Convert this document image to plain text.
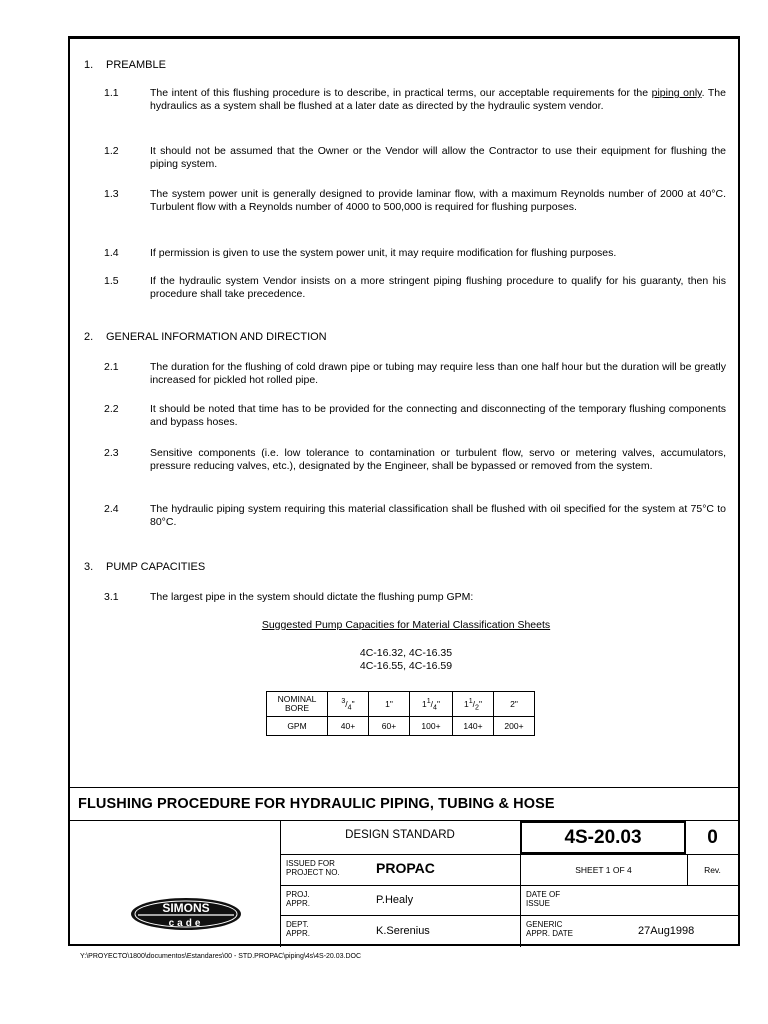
1. PREAMBLE
1.1	The intent of this flushing procedure is to describe, in practical terms, our acceptable requirements for the piping only. The hydraulics as a system shall be flushed at a later date as directed by the hydraulic system vendor.
1.2	It should not be assumed that the Owner or the Vendor will allow the Contractor to use their equipment for flushing the piping system.
1.3	The system power unit is generally designed to provide laminar flow, with a maximum Reynolds number of 2000 at 40°C. Turbulent flow with a Reynolds number of 4000 to 500,000 is required for flushing purposes.
1.4	If permission is given to use the system power unit, it may require modification for flushing purposes.
1.5	If the hydraulic system Vendor insists on a more stringent piping flushing procedure to qualify for his guaranty, then his procedure shall take precedence.
2. GENERAL INFORMATION AND DIRECTION
2.1	The duration for the flushing of cold drawn pipe or tubing may require less than one half hour but the duration will be greatly increased for pickled hot rolled pipe.
2.2	It should be noted that time has to be provided for the connecting and disconnecting of the temporary flushing components and bypass hoses.
2.3	Sensitive components (i.e. low tolerance to contamination or turbulent flow, servo or metering valves, accumulators, pressure reducing valves, etc.), designated by the Engineer, shall be bypassed or removed from the system.
2.4	The hydraulic piping system requiring this material classification shall be flushed with oil specified for the system at 75°C to 80°C.
3. PUMP CAPACITIES
3.1	The largest pipe in the system should dictate the flushing pump GPM:
Suggested Pump Capacities for Material Classification Sheets
4C-16.32, 4C-16.35
4C-16.55, 4C-16.59
NOMINAL
BORE	$^3/_4$"	1"	$1^1/_4$"	$1^1/_2$"	2"
GPM	40+	60+	100+	140+	200+
FLUSHING PROCEDURE FOR HYDRAULIC PIPING, TUBING & HOSE
4S-20.03	0
DESIGN STANDARD
ISSUED FOR
PROJECT NO.	PROPAC	SHEET 1 OF 4	Rev.
PROJ.
APPR.	P.Healy	DATE OF
ISSUE
DEPT.
APPR.	K.Serenius
GENERIC
APPR. DATE	27Aug1998
SIMONS
cade
Y:\PROYECTO\1800\documentos\Estandares\00 - STD.PROPAC\piping\4s\4S-20.03.DOC
